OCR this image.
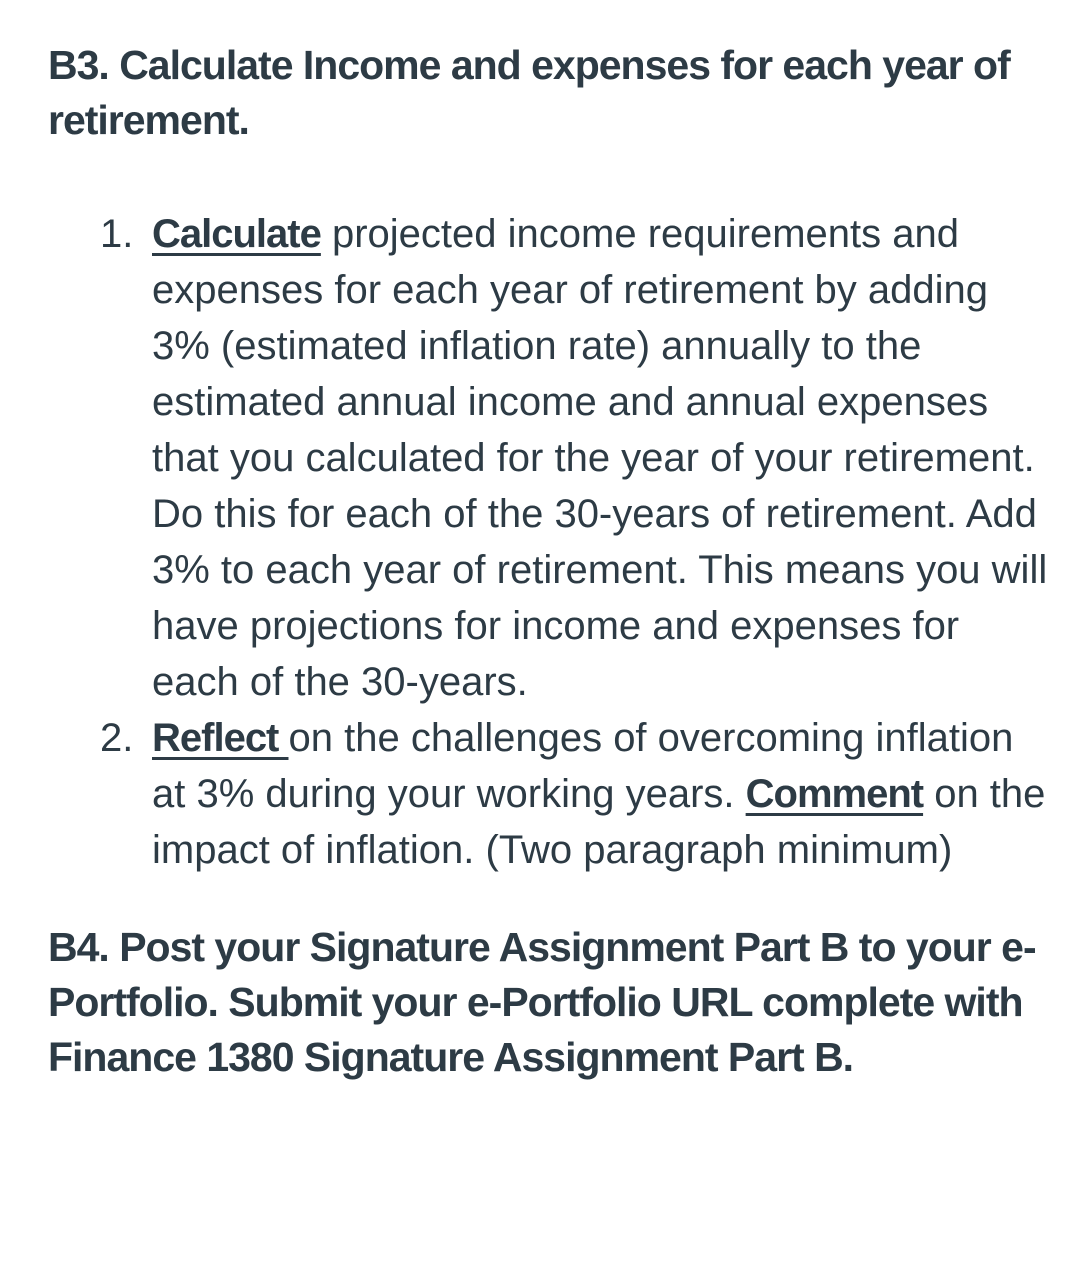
B3. Calculate Income and expenses for each year of retirement.
Calculate projected income requirements and expenses for each year of retirement by adding 3% (estimated inflation rate) annually to the estimated annual income and annual expenses that you calculated for the year of your retirement. Do this for each of the 30-years of retirement. Add 3% to each year of retirement. This means you will have projections for income and expenses for each of the 30-years.
Reflect on the challenges of overcoming inflation at 3% during your working years. Comment on the impact of inflation. (Two paragraph minimum)
B4. Post your Signature Assignment Part B to your e-Portfolio. Submit your e-Portfolio URL complete with Finance 1380 Signature Assignment Part B.
